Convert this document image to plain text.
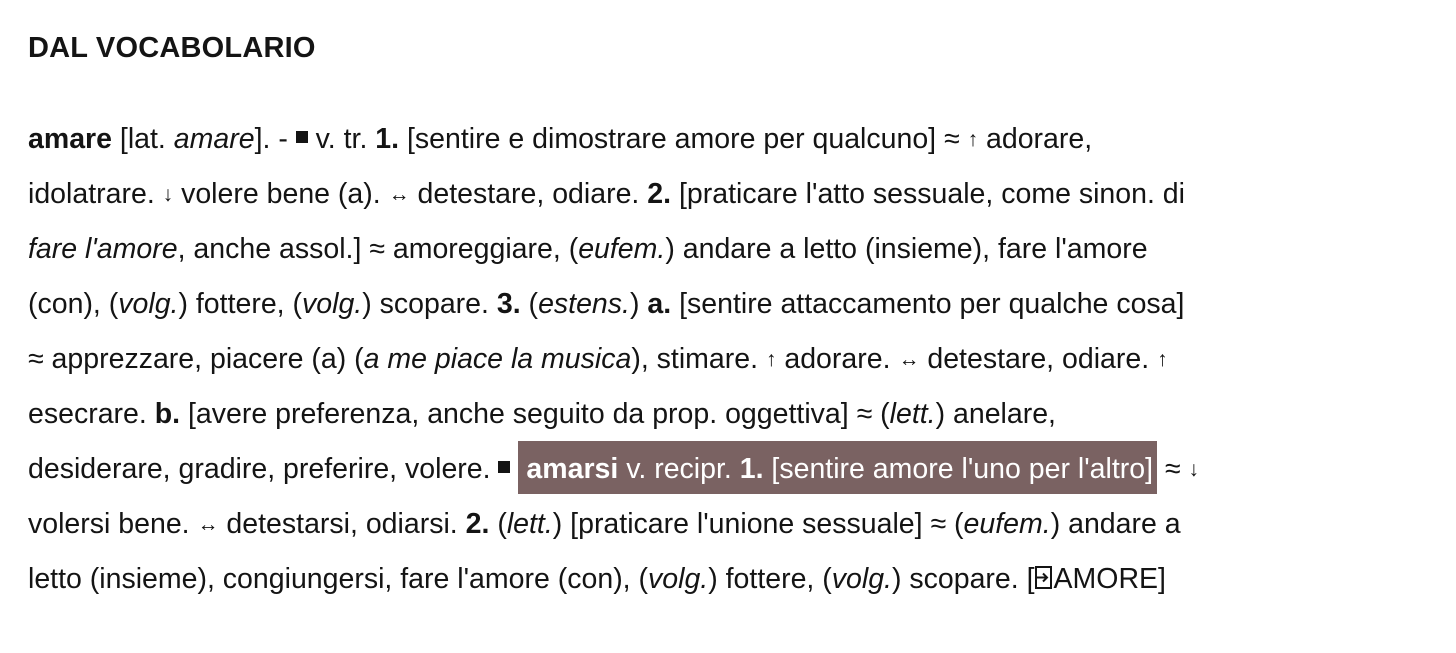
DAL VOCABOLARIO
amare [lat. amare]. -  v. tr. 1. [sentire e dimostrare amore per qualcuno] ≈ ↑ adorare,
idolatrare. ↓ volere bene (a). ↔ detestare, odiare. 2. [praticare l'atto sessuale, come sinon. di
fare l'amore, anche assol.] ≈ amoreggiare, (eufem.) andare a letto (insieme), fare l'amore
(con), (volg.) fottere, (volg.) scopare. 3. (estens.) a. [sentire attaccamento per qualche cosa]
≈ apprezzare, piacere (a) (a me piace la musica), stimare. ↑ adorare. ↔ detestare, odiare. ↑
esecrare. b. [avere preferenza, anche seguito da prop. oggettiva] ≈ (lett.) anelare,
desiderare, gradire, preferire, volere.  amarsi v. recipr. 1. [sentire amore l'uno per l'altro] ≈ ↓
volersi bene. ↔ detestarsi, odiarsi. 2. (lett.) [praticare l'unione sessuale] ≈ (eufem.) andare a
letto (insieme), congiungersi, fare l'amore (con), (volg.) fottere, (volg.) scopare. [ AMORE]
